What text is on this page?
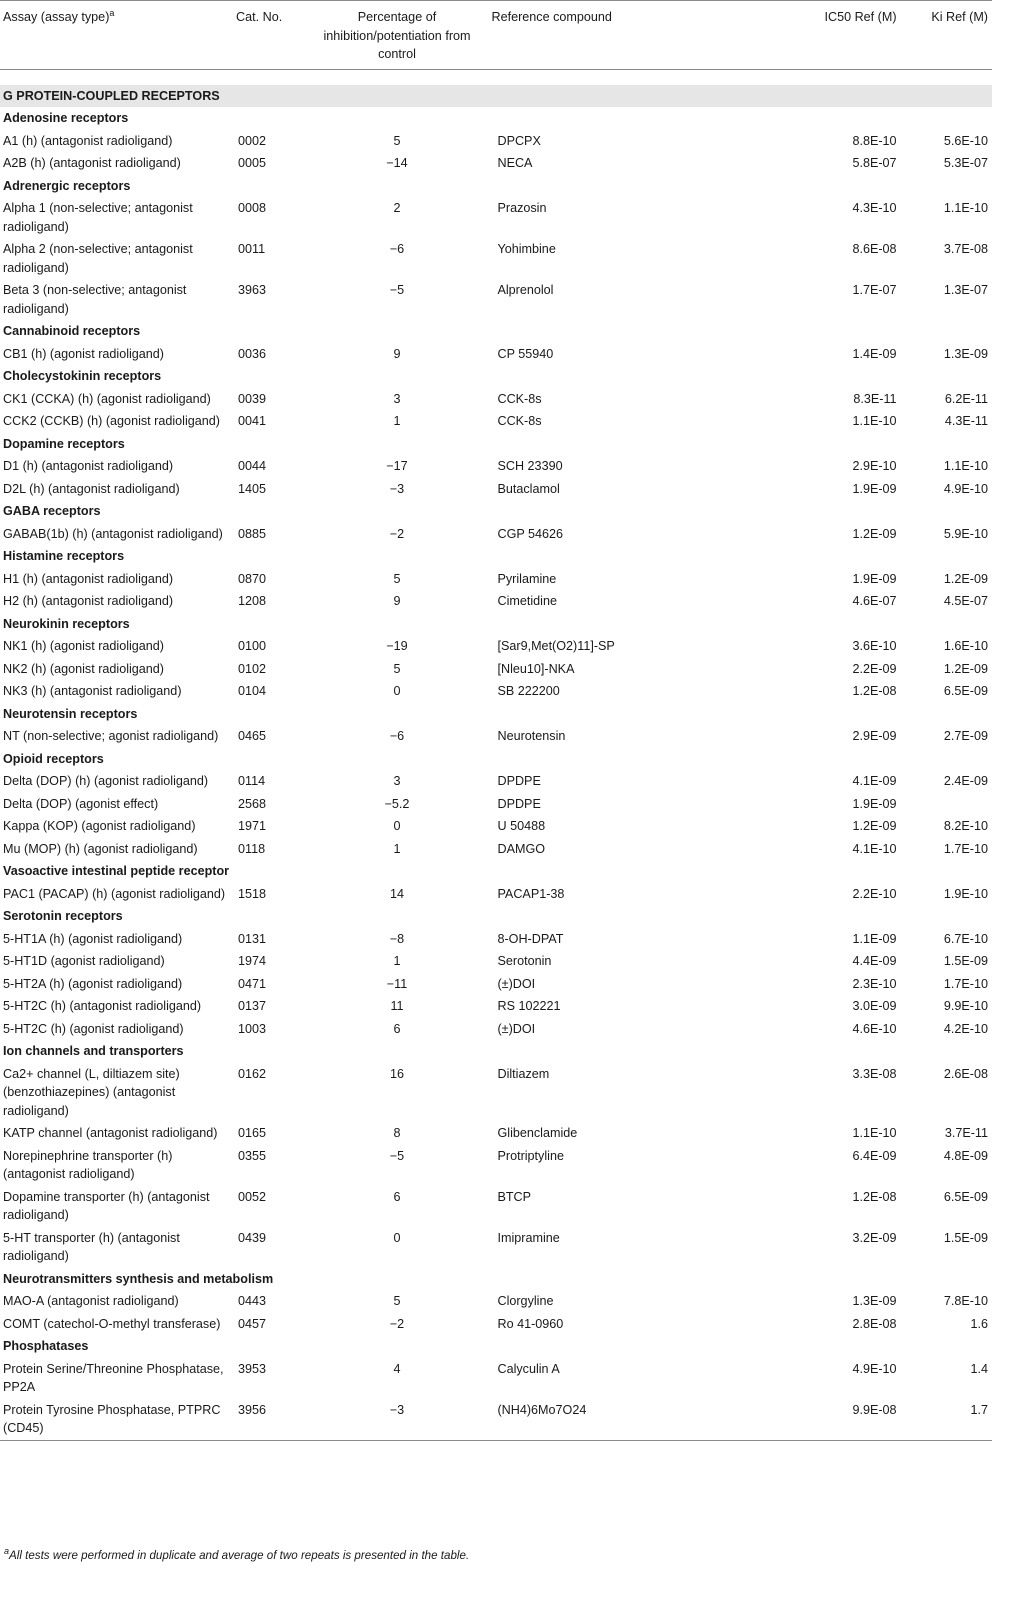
Assay (assay type)$^a$	Cat. No.	Percentage of inhibition/potentiation from control	Reference compound	IC50 Ref (M)	Ki Ref (M)

G PROTEIN-COUPLED RECEPTORS					
Adenosine receptors					
A1 (h) (antagonist radioligand)	0002	5	DPCPX	8.8E-10	5.6E-10
A2B (h) (antagonist radioligand)	0005	−14	NECA	5.8E-07	5.3E-07
Adrenergic receptors					
Alpha 1 (non-selective; antagonist radioligand)	0008	2	Prazosin	4.3E-10	1.1E-10
Alpha 2 (non-selective; antagonist radioligand)	0011	−6	Yohimbine	8.6E-08	3.7E-08
Beta 3 (non-selective; antagonist radioligand)	3963	−5	Alprenolol	1.7E-07	1.3E-07
Cannabinoid receptors					
CB1 (h) (agonist radioligand)	0036	9	CP 55940	1.4E-09	1.3E-09
Cholecystokinin receptors					
CK1 (CCKA) (h) (agonist radioligand)	0039	3	CCK-8s	8.3E-11	6.2E-11
CCK2 (CCKB) (h) (agonist radioligand)	0041	1	CCK-8s	1.1E-10	4.3E-11
Dopamine receptors					
D1 (h) (antagonist radioligand)	0044	−17	SCH 23390	2.9E-10	1.1E-10
D2L (h) (antagonist radioligand)	1405	−3	Butaclamol	1.9E-09	4.9E-10
GABA receptors					
GABAB(1b) (h) (antagonist radioligand)	0885	−2	CGP 54626	1.2E-09	5.9E-10
Histamine receptors					
H1 (h) (antagonist radioligand)	0870	5	Pyrilamine	1.9E-09	1.2E-09
H2 (h) (antagonist radioligand)	1208	9	Cimetidine	4.6E-07	4.5E-07
Neurokinin receptors					
NK1 (h) (agonist radioligand)	0100	−19	[Sar9,Met(O2)11]-SP	3.6E-10	1.6E-10
NK2 (h) (agonist radioligand)	0102	5	[Nleu10]-NKA	2.2E-09	1.2E-09
NK3 (h) (antagonist radioligand)	0104	0	SB 222200	1.2E-08	6.5E-09
Neurotensin receptors					
NT (non-selective; agonist radioligand)	0465	−6	Neurotensin	2.9E-09	2.7E-09
Opioid receptors					
Delta (DOP) (h) (agonist radioligand)	0114	3	DPDPE	4.1E-09	2.4E-09
Delta (DOP) (agonist effect)	2568	−5.2	DPDPE	1.9E-09	
Kappa (KOP) (agonist radioligand)	1971	0	U 50488	1.2E-09	8.2E-10
Mu (MOP) (h) (agonist radioligand)	0118	1	DAMGO	4.1E-10	1.7E-10
Vasoactive intestinal peptide receptor					
PAC1 (PACAP) (h) (agonist radioligand)	1518	14	PACAP1-38	2.2E-10	1.9E-10
Serotonin receptors					
5-HT1A (h) (agonist radioligand)	0131	−8	8-OH-DPAT	1.1E-09	6.7E-10
5-HT1D (agonist radioligand)	1974	1	Serotonin	4.4E-09	1.5E-09
5-HT2A (h) (agonist radioligand)	0471	−11	(±)DOI	2.3E-10	1.7E-10
5-HT2C (h) (antagonist radioligand)	0137	11	RS 102221	3.0E-09	9.9E-10
5-HT2C (h) (agonist radioligand)	1003	6	(±)DOI	4.6E-10	4.2E-10
Ion channels and transporters					
Ca2+ channel (L, diltiazem site) (benzothiazepines) (antagonist radioligand)	0162	16	Diltiazem	3.3E-08	2.6E-08
KATP channel (antagonist radioligand)	0165	8	Glibenclamide	1.1E-10	3.7E-11
Norepinephrine transporter (h) (antagonist radioligand)	0355	−5	Protriptyline	6.4E-09	4.8E-09
Dopamine transporter (h) (antagonist radioligand)	0052	6	BTCP	1.2E-08	6.5E-09
5-HT transporter (h) (antagonist radioligand)	0439	0	Imipramine	3.2E-09	1.5E-09
Neurotransmitters synthesis and metabolism					
MAO-A (antagonist radioligand)	0443	5	Clorgyline	1.3E-09	7.8E-10
COMT (catechol-O-methyl transferase)	0457	−2	Ro 41-0960	2.8E-08	1.6
Phosphatases					
Protein Serine/Threonine Phosphatase, PP2A	3953	4	Calyculin A	4.9E-10	1.4
Protein Tyrosine Phosphatase, PTPRC (CD45)	3956	−3	(NH4)6Mo7O24	9.9E-08	1.7
$^a$All tests were performed in duplicate and average of two repeats is presented in the table.
